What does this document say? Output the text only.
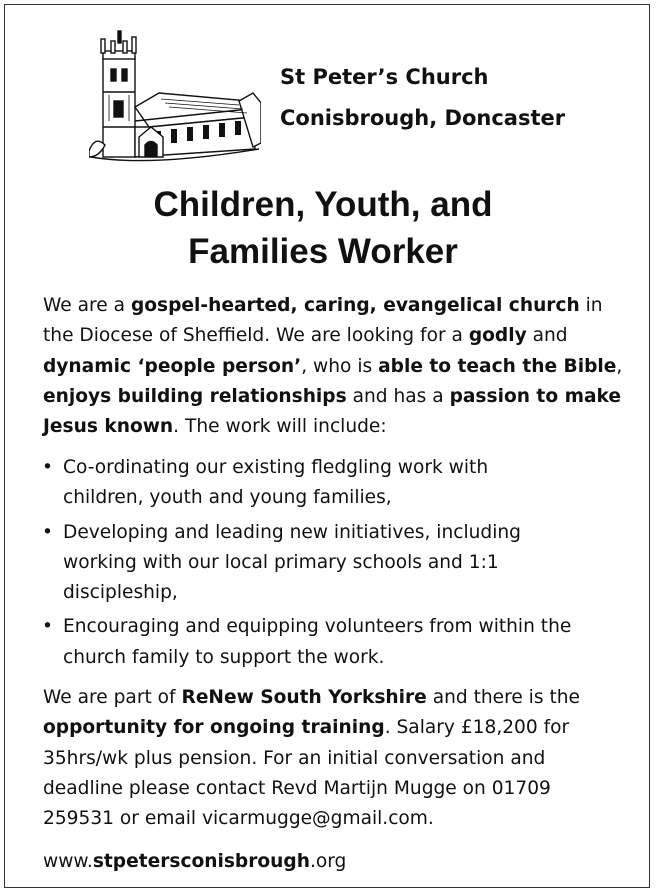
St Peter’s Church

Conisbrough, Doncaster

Children, Youth, and
Families Worker
We are a gospel-hearted, caring, evangelical church in
the Diocese of Sheffield. We are looking for a godly and
dynamic ‘people person’, who is able to teach the Bible,
enjoys building relationships and has a passion to make
Jesus known. The work will include:
• Co-ordinating our existing fledgling work with
children, youth and young families,
• Developing and leading new initiatives, including
working with our local primary schools and 1:1
discipleship,
• Encouraging and equipping volunteers from within the
church family to support the work.
We are part of ReNew South Yorkshire and there is the
opportunity for ongoing training. Salary £18,200 for
35hrs/wk plus pension. For an initial conversation and
deadline please contact Revd Martijn Mugge on 01709
259531 or email vicarmugge@gmail.com.
www.stpetersconisbrough.org
